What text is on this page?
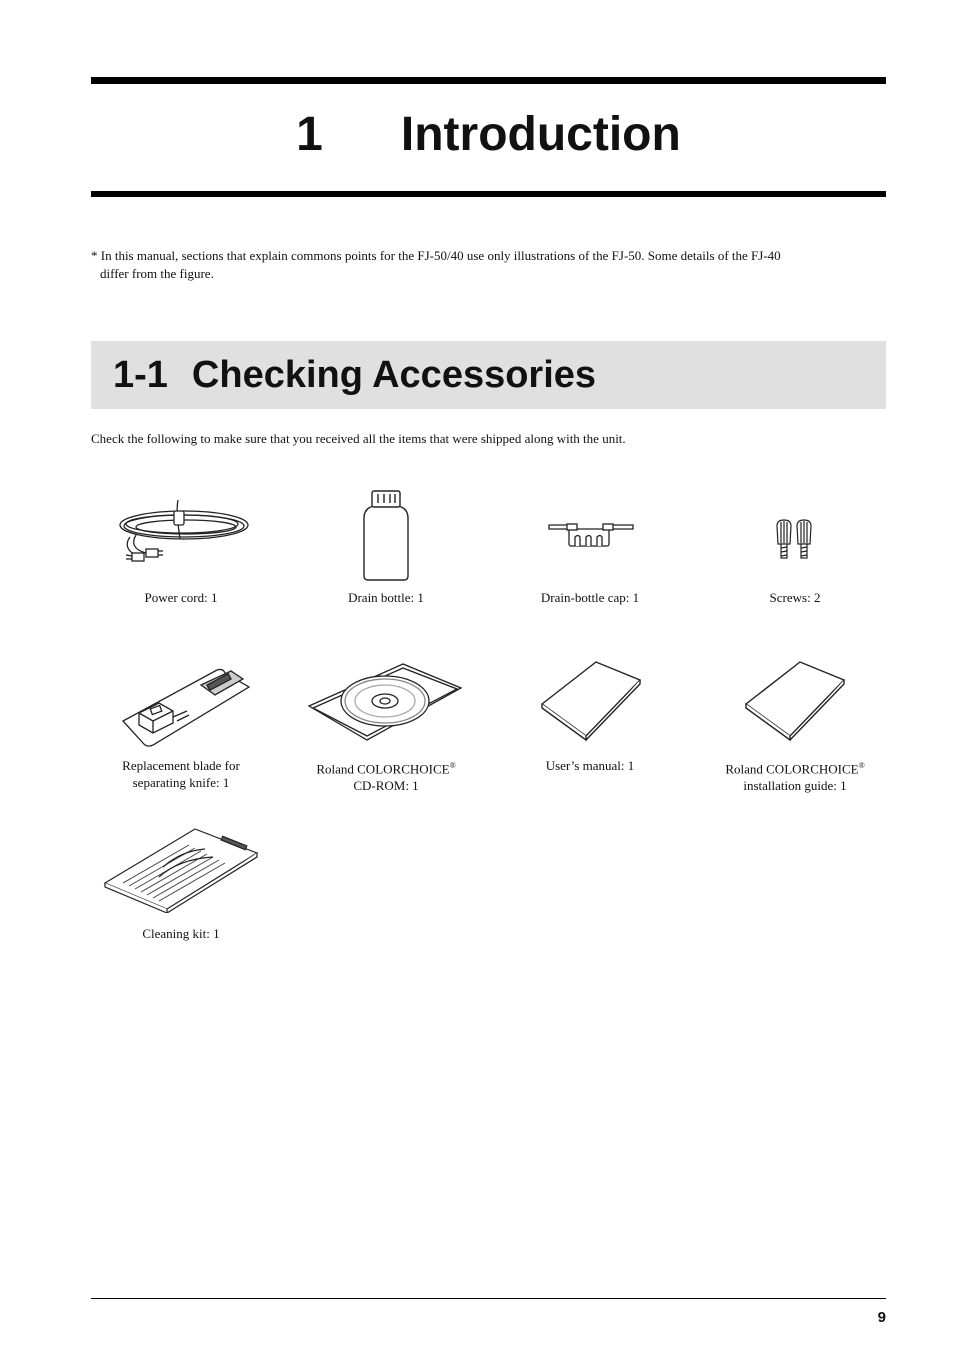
1 Introduction
* In this manual, sections that explain commons points for the FJ-50/40 use only illustrations of the FJ-50. Some details of the FJ-40
differ from the figure.
1-1 Checking Accessories
Check the following to make sure that you received all the items that were shipped along with the unit.
Power cord: 1	Drain bottle: 1	Drain-bottle cap: 1	Screws: 2
Replacement blade for
separating knife: 1
Roland COLORCHOICE®
CD-ROM: 1
User’s manual: 1	Roland COLORCHOICE®
installation guide: 1
Cleaning kit: 1
9
